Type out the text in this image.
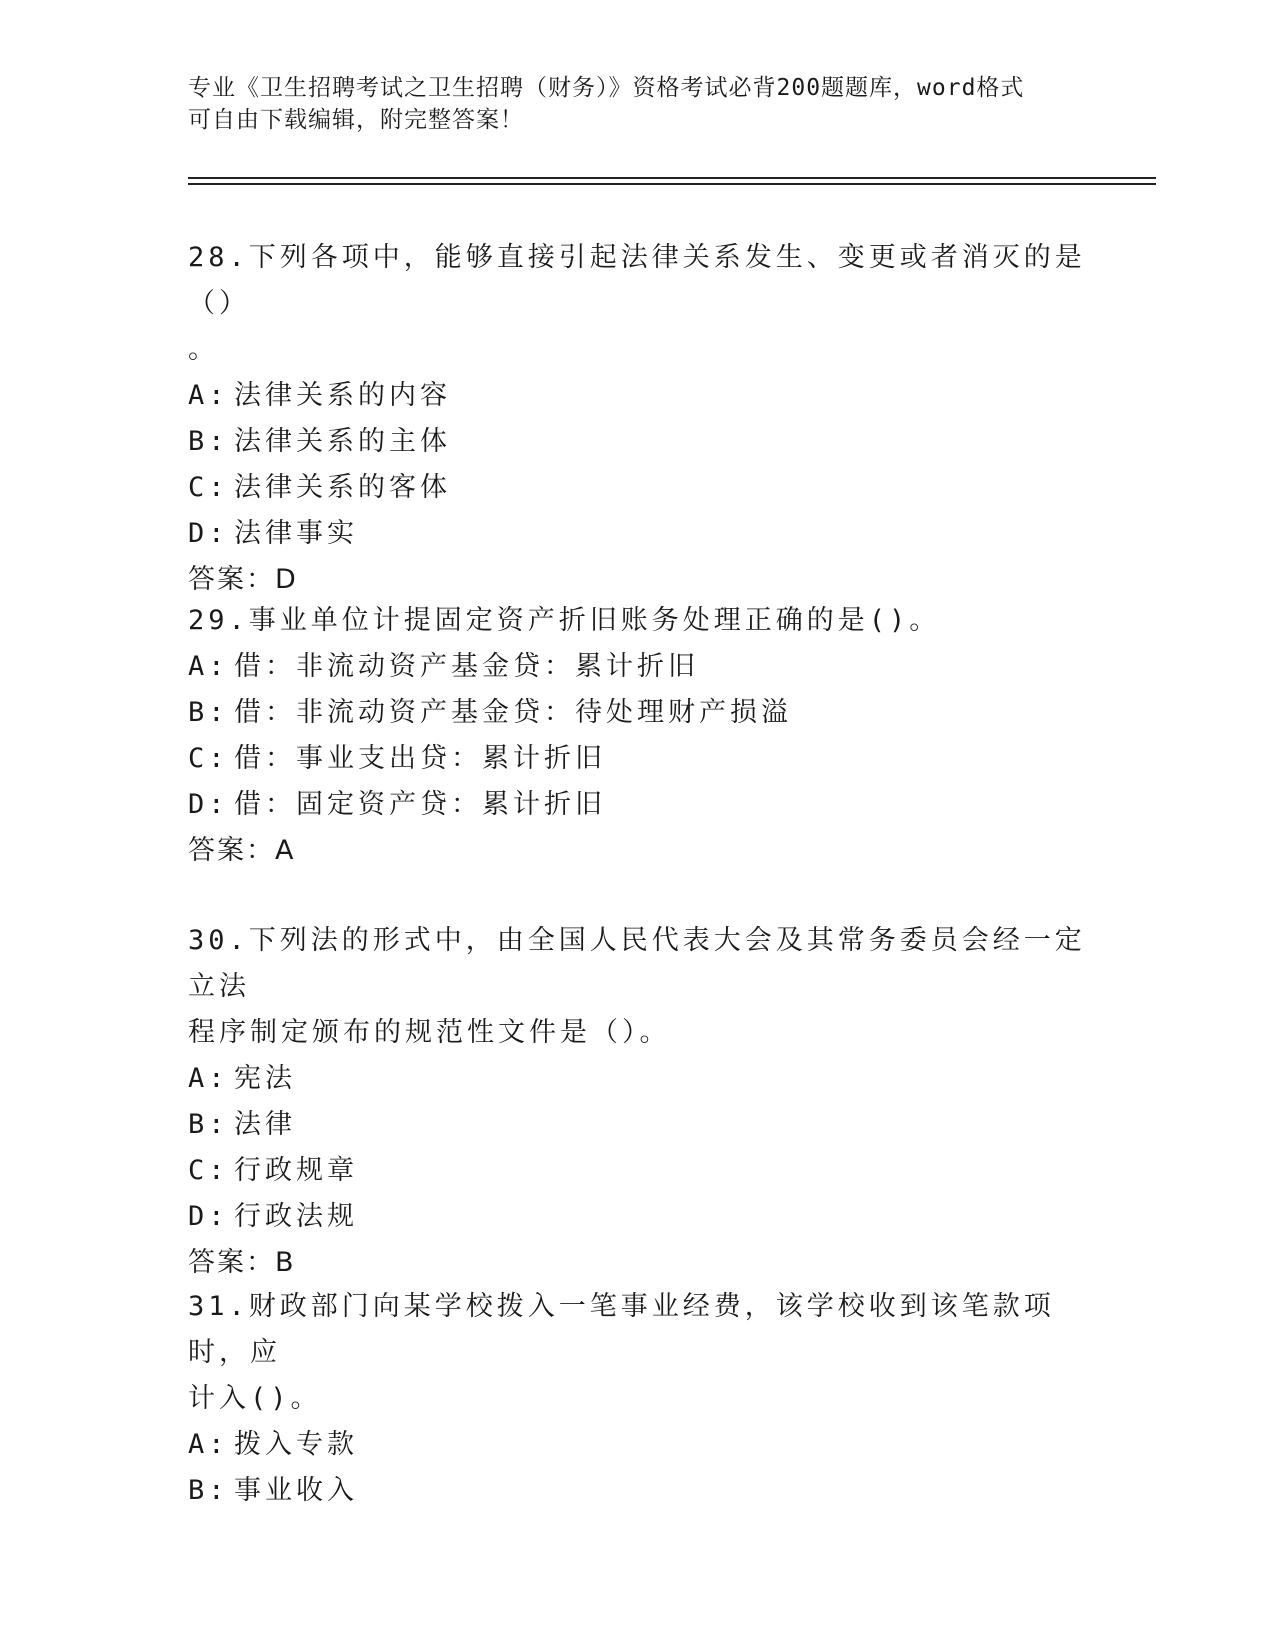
专业《卫生招聘考试之卫生招聘（财务）》资格考试必背200题题库，word格式
可自由下载编辑，附完整答案！

28.下列各项中，能够直接引起法律关系发生、变更或者消灭的是（）

。

A: 法律关系的内容

B: 法律关系的主体

C: 法律关系的客体

D: 法律事实

答案：D

29.事业单位计提固定资产折旧账务处理正确的是()。

A: 借：非流动资产基金贷：累计折旧

B: 借：非流动资产基金贷：待处理财产损溢

C: 借：事业支出贷：累计折旧

D: 借：固定资产贷：累计折旧

答案：A

30.下列法的形式中，由全国人民代表大会及其常务委员会经一定立法

程序制定颁布的规范性文件是（）。

A: 宪法

B: 法律

C: 行政规章

D: 行政法规

答案：B

31.财政部门向某学校拨入一笔事业经费，该学校收到该笔款项时，应

计入()。

A: 拨入专款

B: 事业收入
